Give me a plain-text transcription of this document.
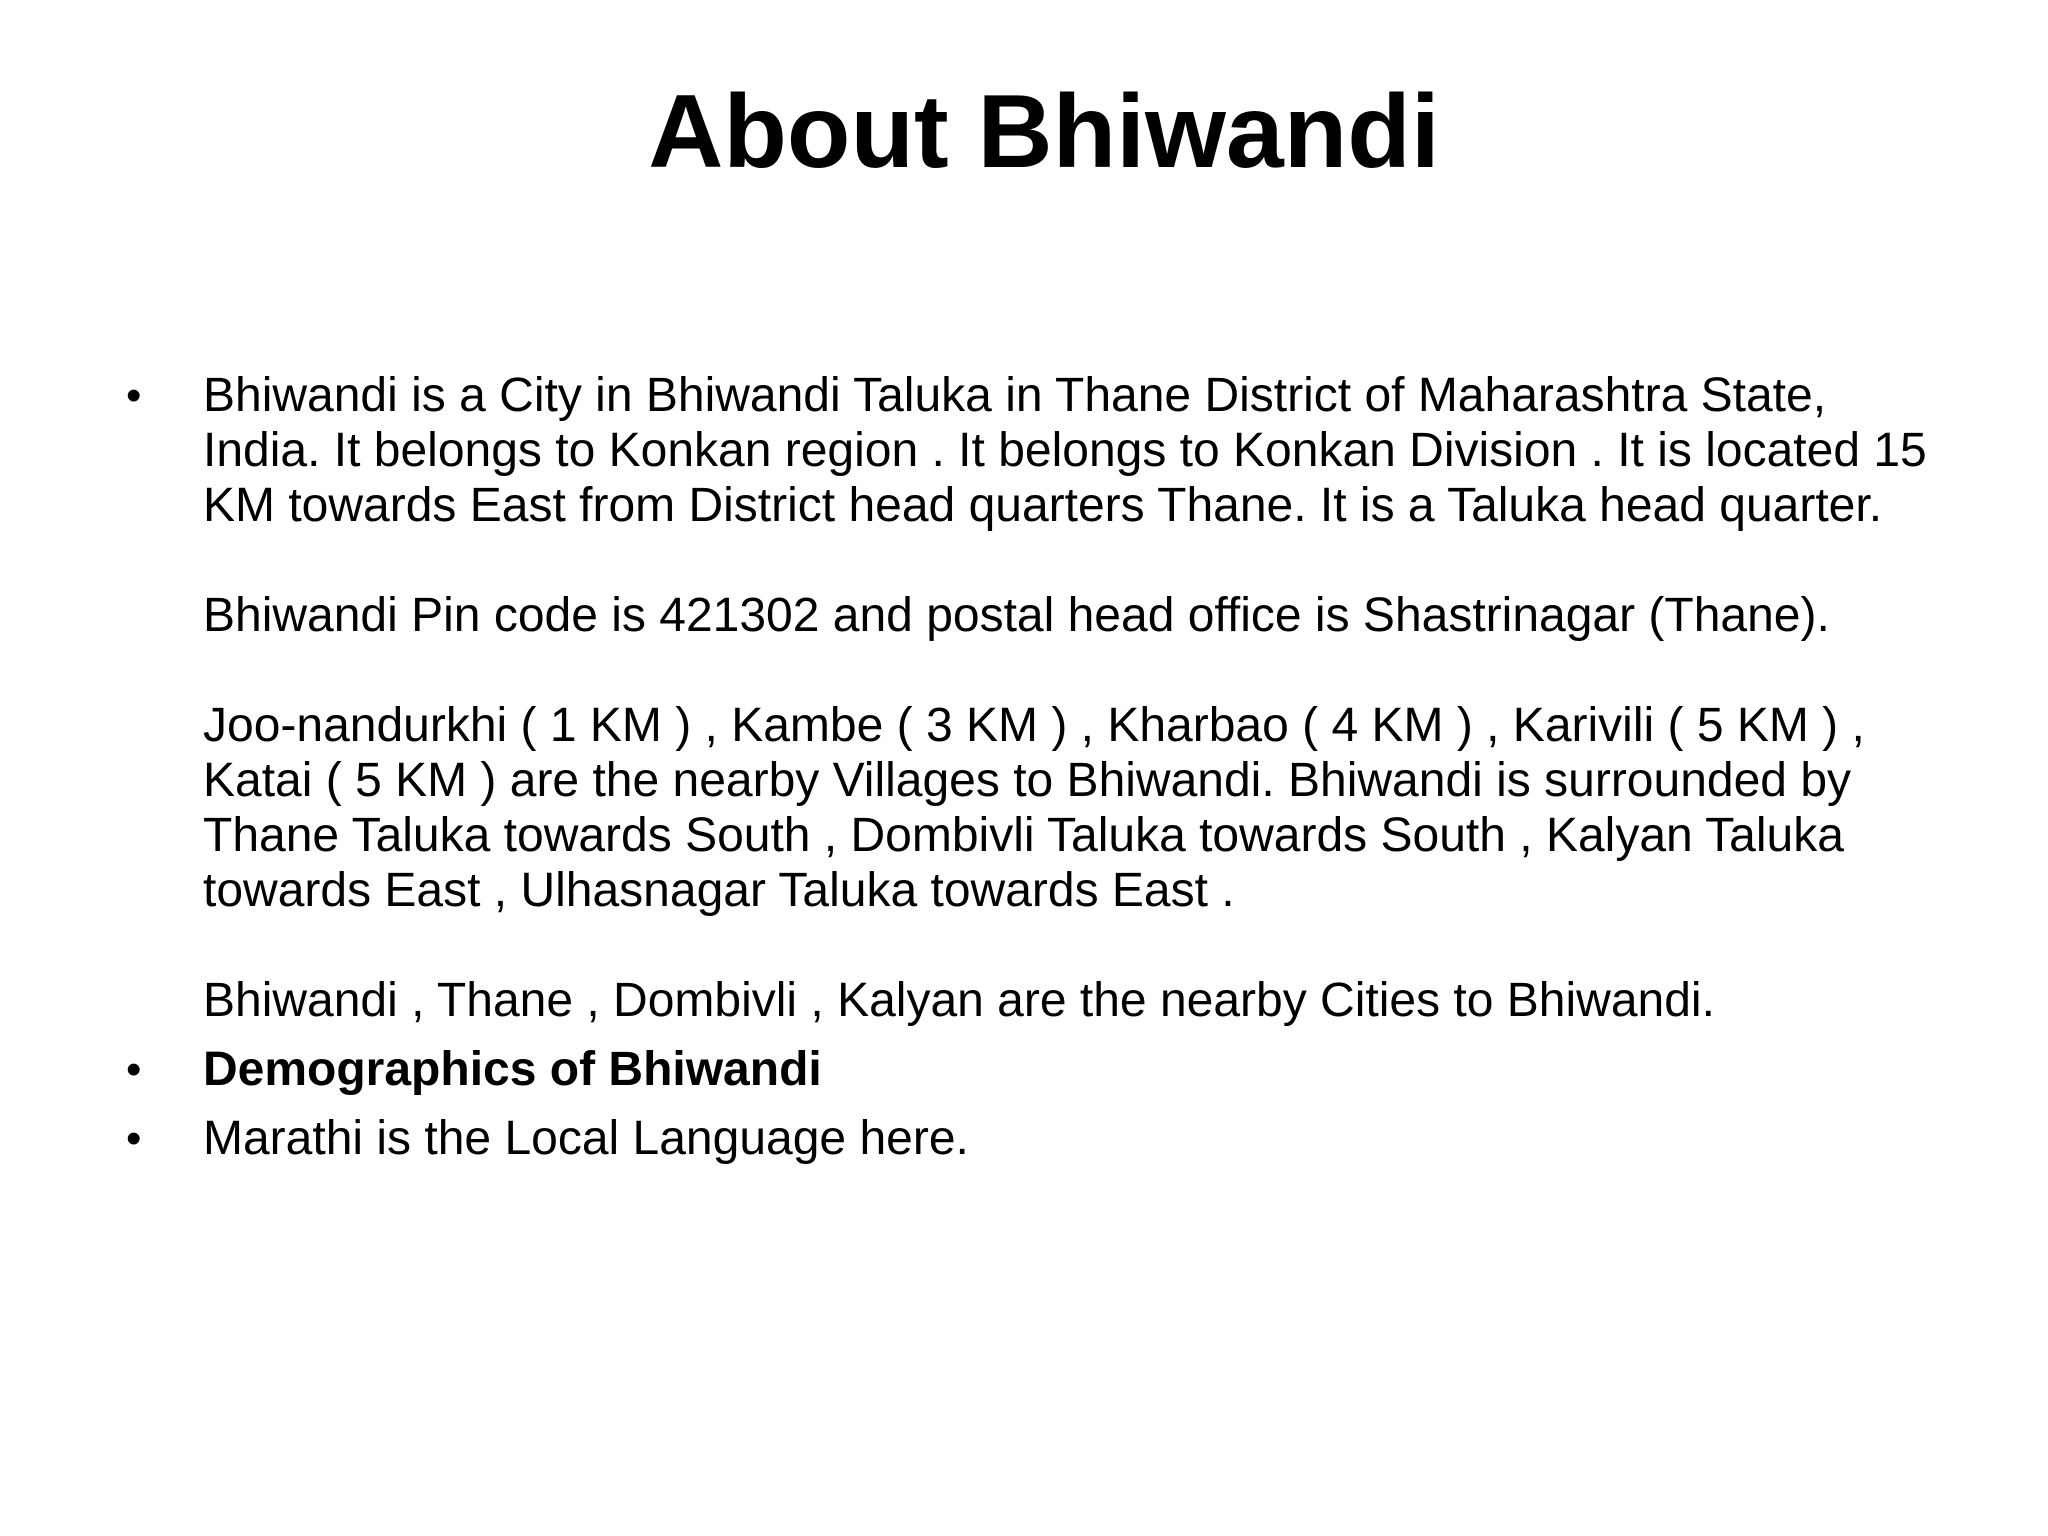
About Bhiwandi
• Bhiwandi is a City in Bhiwandi Taluka in Thane District of Maharashtra State, India. It belongs to Konkan region . It belongs to Konkan Division . It is located 15 KM towards East from District head quarters Thane. It is a Taluka head quarter.

Bhiwandi Pin code is 421302 and postal head office is Shastrinagar (Thane).

Joo-nandurkhi ( 1 KM ) , Kambe ( 3 KM ) , Kharbao ( 4 KM ) , Karivili ( 5 KM ) , Katai ( 5 KM ) are the nearby Villages to Bhiwandi. Bhiwandi is surrounded by Thane Taluka towards South , Dombivli Taluka towards South , Kalyan Taluka towards East , Ulhasnagar Taluka towards East .

Bhiwandi , Thane , Dombivli , Kalyan are the nearby Cities to Bhiwandi.

• Demographics of Bhiwandi

• Marathi is the Local Language here.
